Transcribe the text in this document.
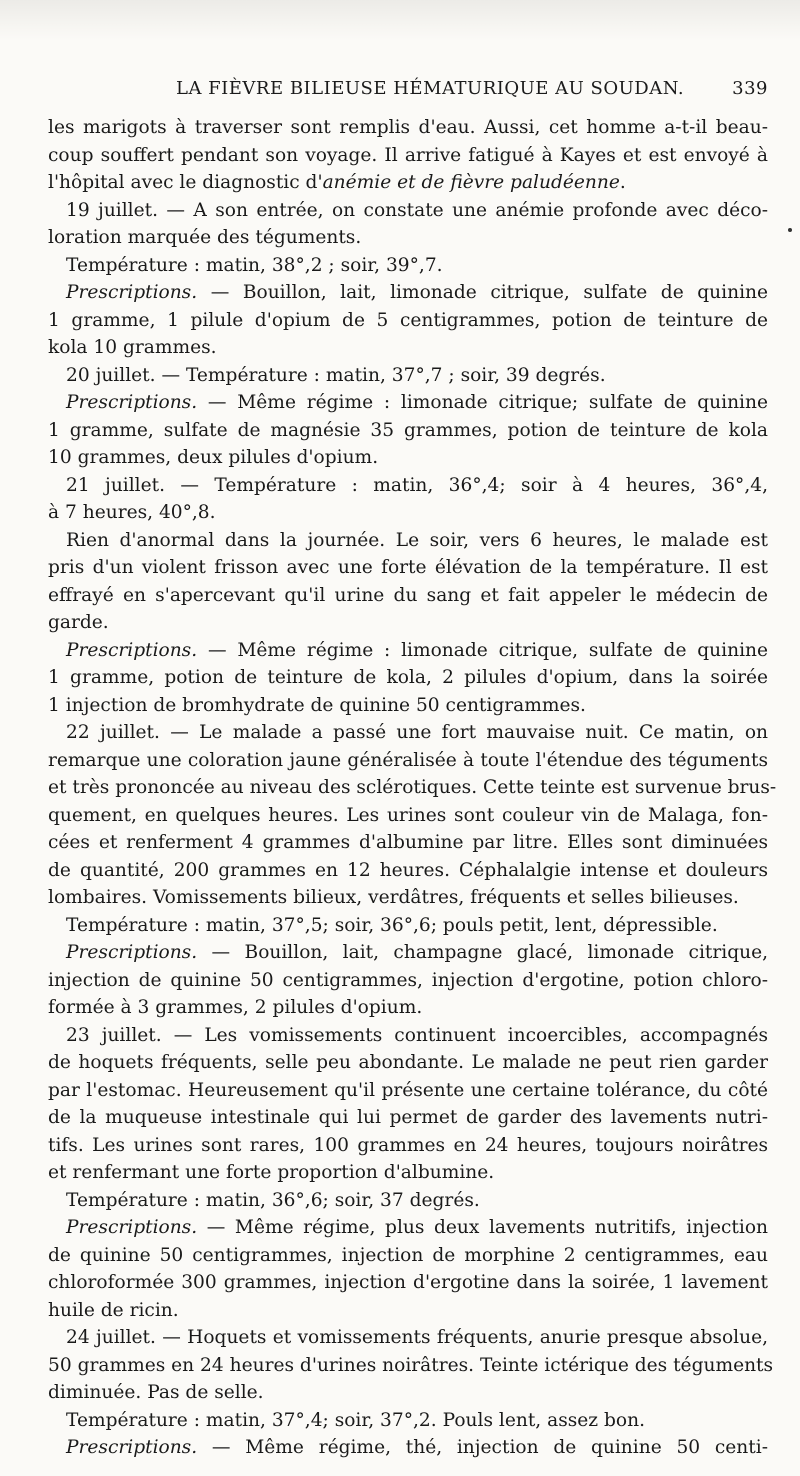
LA FIÈVRE BILIEUSE HÉMATURIQUE AU SOUDAN.	339
les marigots à traverser sont remplis d'eau. Aussi, cet homme a-t-il beau-
coup souffert pendant son voyage. Il arrive fatigué à Kayes et est envoyé à
l'hôpital avec le diagnostic d'anémie et de fièvre paludéenne.
19 juillet. — A son entrée, on constate une anémie profonde avec déco-
loration marquée des téguments.
Température : matin, 38°,2 ; soir, 39°,7.
Prescriptions. — Bouillon, lait, limonade citrique, sulfate de quinine
1 gramme, 1 pilule d'opium de 5 centigrammes, potion de teinture de
kola 10 grammes.
20 juillet. — Température : matin, 37°,7 ; soir, 39 degrés.
Prescriptions. — Même régime : limonade citrique; sulfate de quinine
1 gramme, sulfate de magnésie 35 grammes, potion de teinture de kola
10 grammes, deux pilules d'opium.
21 juillet. — Température : matin, 36°,4; soir à 4 heures, 36°,4,
à 7 heures, 40°,8.
Rien d'anormal dans la journée. Le soir, vers 6 heures, le malade est
pris d'un violent frisson avec une forte élévation de la température. Il est
effrayé en s'apercevant qu'il urine du sang et fait appeler le médecin de
garde.
Prescriptions. — Même régime : limonade citrique, sulfate de quinine
1 gramme, potion de teinture de kola, 2 pilules d'opium, dans la soirée
1 injection de bromhydrate de quinine 50 centigrammes.
22 juillet. — Le malade a passé une fort mauvaise nuit. Ce matin, on
remarque une coloration jaune généralisée à toute l'étendue des téguments
et très prononcée au niveau des sclérotiques. Cette teinte est survenue brus-
quement, en quelques heures. Les urines sont couleur vin de Malaga, fon-
cées et renferment 4 grammes d'albumine par litre. Elles sont diminuées
de quantité, 200 grammes en 12 heures. Céphalalgie intense et douleurs
lombaires. Vomissements bilieux, verdâtres, fréquents et selles bilieuses.
Température : matin, 37°,5; soir, 36°,6; pouls petit, lent, dépressible.
Prescriptions. — Bouillon, lait, champagne glacé, limonade citrique,
injection de quinine 50 centigrammes, injection d'ergotine, potion chloro-
formée à 3 grammes, 2 pilules d'opium.
23 juillet. — Les vomissements continuent incoercibles, accompagnés
de hoquets fréquents, selle peu abondante. Le malade ne peut rien garder
par l'estomac. Heureusement qu'il présente une certaine tolérance, du côté
de la muqueuse intestinale qui lui permet de garder des lavements nutri-
tifs. Les urines sont rares, 100 grammes en 24 heures, toujours noirâtres
et renfermant une forte proportion d'albumine.
Température : matin, 36°,6; soir, 37 degrés.
Prescriptions. — Même régime, plus deux lavements nutritifs, injection
de quinine 50 centigrammes, injection de morphine 2 centigrammes, eau
chloroformée 300 grammes, injection d'ergotine dans la soirée, 1 lavement
huile de ricin.
24 juillet. — Hoquets et vomissements fréquents, anurie presque absolue,
50 grammes en 24 heures d'urines noirâtres. Teinte ictérique des téguments
diminuée. Pas de selle.
Température : matin, 37°,4; soir, 37°,2. Pouls lent, assez bon.
Prescriptions. — Même régime, thé, injection de quinine 50 centi-
